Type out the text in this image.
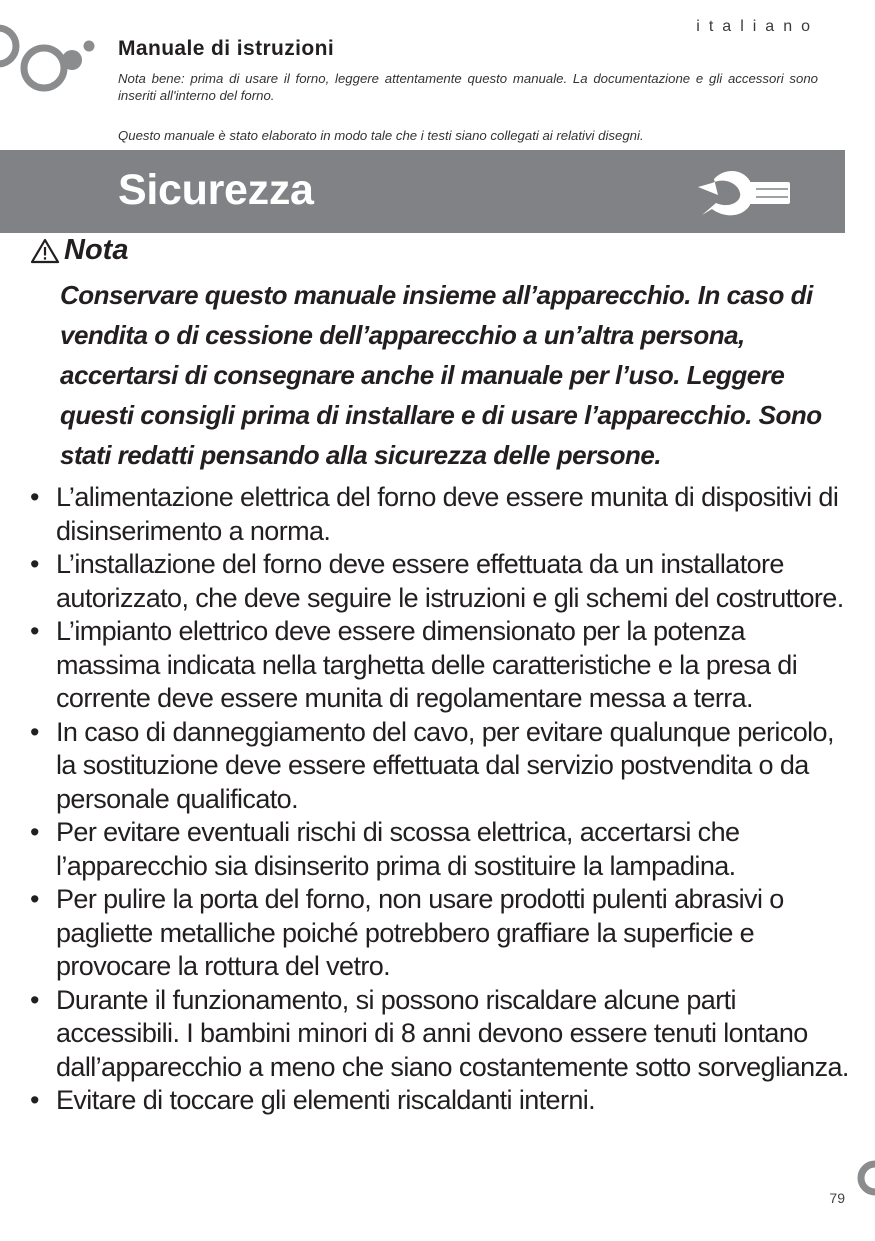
italiano
Manuale di istruzioni
Nota bene: prima di usare il forno, leggere attentamente questo manuale. La documentazione e gli accessori sono inseriti all'interno del forno.
Questo manuale è stato elaborato in modo tale che i testi siano collegati ai relativi disegni.
Sicurezza
Nota
Conservare questo manuale insieme all’apparecchio. In caso di vendita o di cessione dell’apparecchio a un’altra persona, accertarsi di consegnare anche il manuale per l’uso. Leggere questi consigli prima di installare e di usare l’apparecchio. Sono stati redatti pensando alla sicurezza delle persone.
• L’alimentazione elettrica del forno deve essere munita di dispositivi di disinserimento a norma.
• L’installazione del forno deve essere effettuata da un installatore autorizzato, che deve seguire le istruzioni e gli schemi del costruttore.
• L’impianto elettrico deve essere dimensionato per la potenza massima indicata nella targhetta delle caratteristiche e la presa di corrente deve essere munita di regolamentare messa a terra.
• In caso di danneggiamento del cavo, per evitare qualunque pericolo, la sostituzione deve essere effettuata dal servizio postvendita o da personale qualificato.
• Per evitare eventuali rischi di scossa elettrica, accertarsi che l’apparecchio sia disinserito prima di sostituire la lampadina.
• Per pulire la porta del forno, non usare prodotti pulenti abrasivi o pagliette metalliche poiché potrebbero graffiare la superficie e provocare la rottura del vetro.
• Durante il funzionamento, si possono riscaldare alcune parti accessibili. I bambini minori di 8 anni devono essere tenuti lontano dall’apparecchio a meno che siano costantemente sotto sorveglianza.
• Evitare di toccare gli elementi riscaldanti interni.
79
